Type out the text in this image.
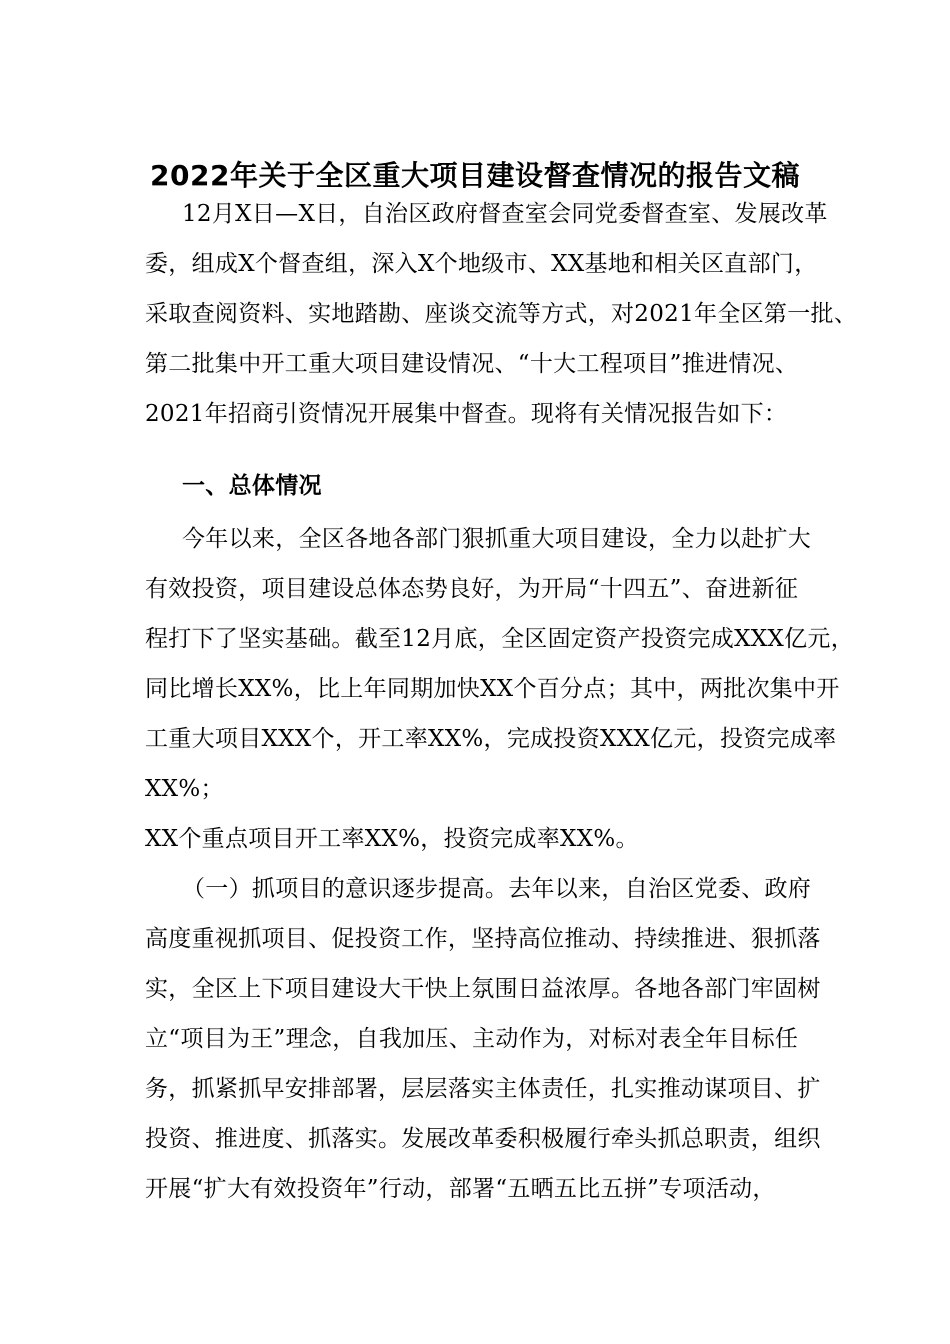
2022年关于全区重大项目建设督查情况的报告文稿
12月X日—X日，自治区政府督查室会同党委督查室、发展改革
委，组成X个督查组，深入X个地级市、XX基地和相关区直部门，
采取查阅资料、实地踏勘、座谈交流等方式，对2021年全区第一批、
第二批集中开工重大项目建设情况、“十大工程项目”推进情况、
2021年招商引资情况开展集中督查。现将有关情况报告如下：
一、总体情况
今年以来，全区各地各部门狠抓重大项目建设，全力以赴扩大
有效投资，项目建设总体态势良好，为开局“十四五”、奋进新征
程打下了坚实基础。截至12月底，全区固定资产投资完成XXX亿元，
同比增长XX%，比上年同期加快XX个百分点；其中，两批次集中开
工重大项目XXX个，开工率XX%，完成投资XXX亿元，投资完成率
XX%；
XX个重点项目开工率XX%，投资完成率XX%。
（一）抓项目的意识逐步提高。去年以来，自治区党委、政府
高度重视抓项目、促投资工作，坚持高位推动、持续推进、狠抓落
实，全区上下项目建设大干快上氛围日益浓厚。各地各部门牢固树
立“项目为王”理念，自我加压、主动作为，对标对表全年目标任
务，抓紧抓早安排部署，层层落实主体责任，扎实推动谋项目、扩
投资、推进度、抓落实。发展改革委积极履行牵头抓总职责，组织
开展“扩大有效投资年”行动，部署“五晒五比五拼”专项活动，
